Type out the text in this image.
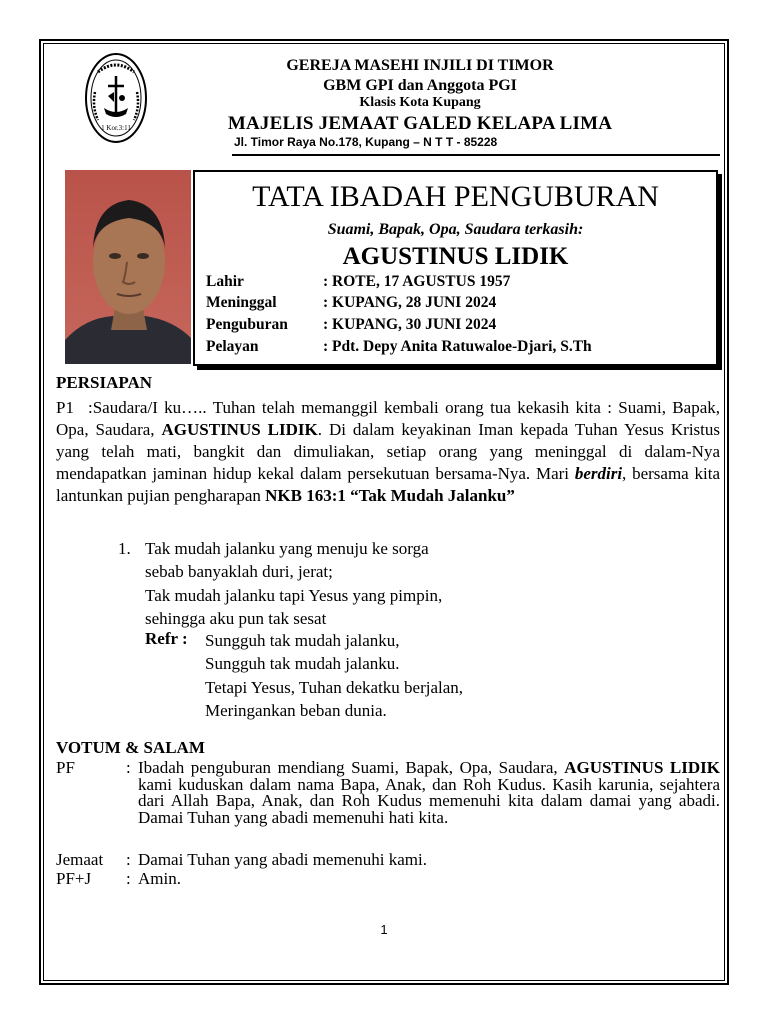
1 Kor.3:11
GEREJA MASEHI INJILI DI TIMOR
GBM GPI dan Anggota PGI
Klasis Kota Kupang
MAJELIS JEMAAT GALED KELAPA LIMA
Jl. Timor Raya No.178, Kupang – N T T - 85228
TATA IBADAH PENGUBURAN
Suami, Bapak, Opa, Saudara terkasih:
AGUSTINUS LIDIK
Lahir	: ROTE, 17 AGUSTUS 1957
Meninggal	: KUPANG, 28 JUNI 2024
Penguburan : KUPANG, 30 JUNI 2024
Pelayan	: Pdt. Depy Anita Ratuwaloe-Djari, S.Th
PERSIAPAN
P1 :Saudara/I ku….. Tuhan telah memanggil kembali orang tua kekasih kita : Suami, Bapak, Opa, Saudara, AGUSTINUS LIDIK. Di dalam keyakinan Iman kepada Tuhan Yesus Kristus yang telah mati, bangkit dan dimuliakan, setiap orang yang meninggal di dalam-Nya mendapatkan jaminan hidup kekal dalam persekutuan bersama-Nya. Mari berdiri, bersama kita lantunkan pujian pengharapan NKB 163:1 “Tak Mudah Jalanku”
1. Tak mudah jalanku yang menuju ke sorga
sebab banyaklah duri, jerat;
Tak mudah jalanku tapi Yesus yang pimpin,
sehingga aku pun tak sesat
Refr : Sungguh tak mudah jalanku,
Sungguh tak mudah jalanku.
Tetapi Yesus, Tuhan dekatku berjalan,
Meringankan beban dunia.
VOTUM & SALAM
PF	: Ibadah penguburan mendiang Suami, Bapak, Opa, Saudara, AGUSTINUS LIDIK kami kuduskan dalam nama Bapa, Anak, dan Roh Kudus. Kasih karunia, sejahtera dari Allah Bapa, Anak, dan Roh Kudus memenuhi kita dalam damai yang abadi. Damai Tuhan yang abadi memenuhi hati kita.
Jemaat	: Damai Tuhan yang abadi memenuhi kami.
PF+J	: Amin.
1
